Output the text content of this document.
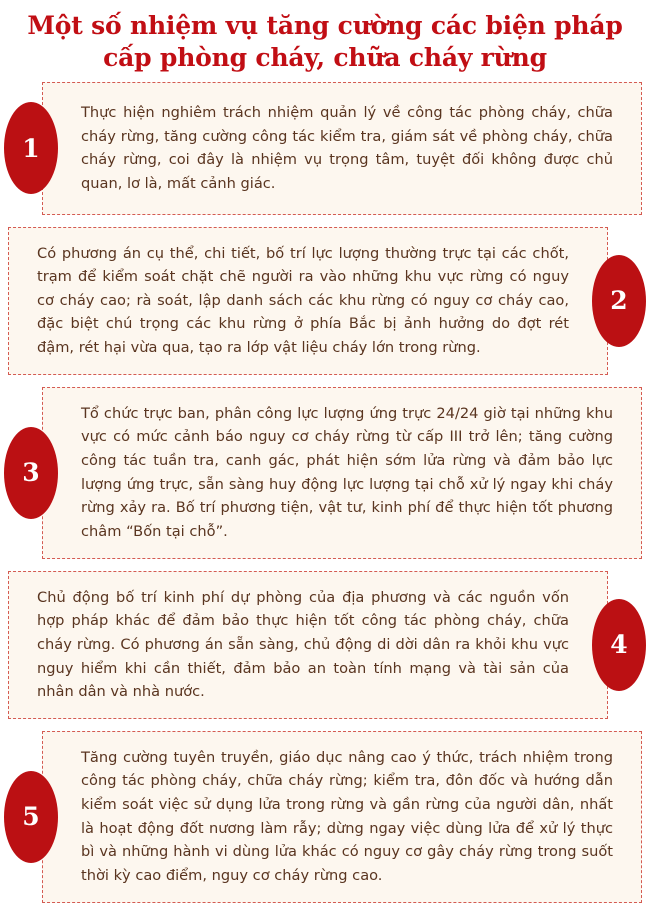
Một số nhiệm vụ tăng cường các biện pháp cấp phòng cháy, chữa cháy rừng
1
Thực hiện nghiêm trách nhiệm quản lý về công tác phòng cháy, chữa cháy rừng, tăng cường công tác kiểm tra, giám sát về phòng cháy, chữa cháy rừng, coi đây là nhiệm vụ trọng tâm, tuyệt đối không được chủ quan, lơ là, mất cảnh giác.
2
Có phương án cụ thể, chi tiết, bố trí lực lượng thường trực tại các chốt, trạm để kiểm soát chặt chẽ người ra vào những khu vực rừng có nguy cơ cháy cao; rà soát, lập danh sách các khu rừng có nguy cơ cháy cao, đặc biệt chú trọng các khu rừng ở phía Bắc bị ảnh hưởng do đợt rét đậm, rét hại vừa qua, tạo ra lớp vật liệu cháy lớn trong rừng.
3
Tổ chức trực ban, phân công lực lượng ứng trực 24/24 giờ tại những khu vực có mức cảnh báo nguy cơ cháy rừng từ cấp III trở lên; tăng cường công tác tuần tra, canh gác, phát hiện sớm lửa rừng và đảm bảo lực lượng ứng trực, sẵn sàng huy động lực lượng tại chỗ xử lý ngay khi cháy rừng xảy ra. Bố trí phương tiện, vật tư, kinh phí để thực hiện tốt phương châm “Bốn tại chỗ”.
4
Chủ động bố trí kinh phí dự phòng của địa phương và các nguồn vốn hợp pháp khác để đảm bảo thực hiện tốt công tác phòng cháy, chữa cháy rừng. Có phương án sẵn sàng, chủ động di dời dân ra khỏi khu vực nguy hiểm khi cần thiết, đảm bảo an toàn tính mạng và tài sản của nhân dân và nhà nước.
5
Tăng cường tuyên truyền, giáo dục nâng cao ý thức, trách nhiệm trong công tác phòng cháy, chữa cháy rừng; kiểm tra, đôn đốc và hướng dẫn kiểm soát việc sử dụng lửa trong rừng và gần rừng của người dân, nhất là hoạt động đốt nương làm rẫy; dừng ngay việc dùng lửa để xử lý thực bì và những hành vi dùng lửa khác có nguy cơ gây cháy rừng trong suốt thời kỳ cao điểm, nguy cơ cháy rừng cao.
